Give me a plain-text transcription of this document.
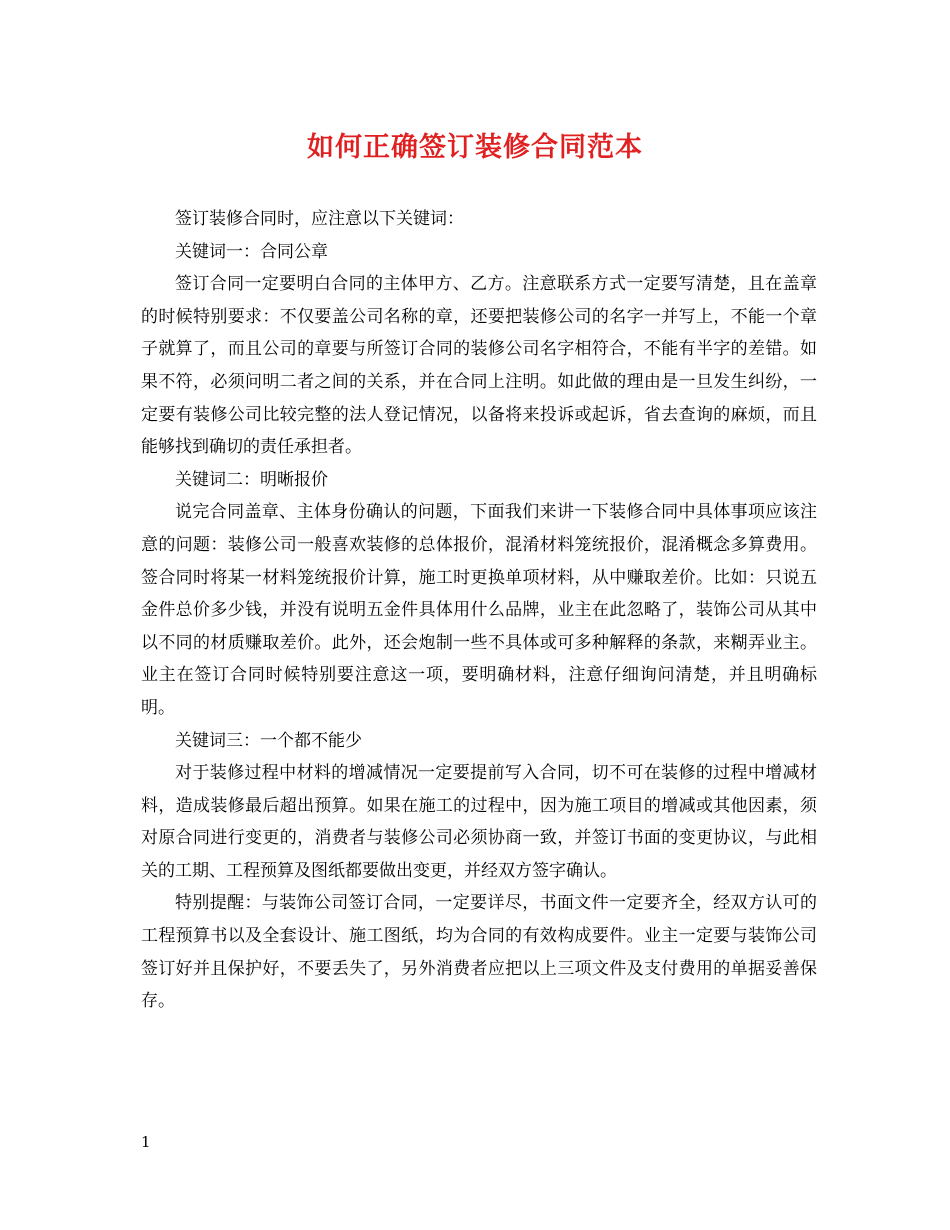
如何正确签订装修合同范本

签订装修合同时，应注意以下关键词：

关键词一：合同公章

签订合同一定要明白合同的主体甲方、乙方。注意联系方式一定要写清楚，且在盖章的时候特别要求：不仅要盖公司名称的章，还要把装修公司的名字一并写上，不能一个章子就算了，而且公司的章要与所签订合同的装修公司名字相符合，不能有半字的差错。如果不符，必须问明二者之间的关系，并在合同上注明。如此做的理由是一旦发生纠纷，一定要有装修公司比较完整的法人登记情况，以备将来投诉或起诉，省去查询的麻烦，而且能够找到确切的责任承担者。

关键词二：明晰报价

说完合同盖章、主体身份确认的问题，下面我们来讲一下装修合同中具体事项应该注意的问题：装修公司一般喜欢装修的总体报价，混淆材料笼统报价，混淆概念多算费用。签合同时将某一材料笼统报价计算，施工时更换单项材料，从中赚取差价。比如：只说五金件总价多少钱，并没有说明五金件具体用什么品牌，业主在此忽略了，装饰公司从其中以不同的材质赚取差价。此外，还会炮制一些不具体或可多种解释的条款，来糊弄业主。业主在签订合同时候特别要注意这一项，要明确材料，注意仔细询问清楚，并且明确标明。

关键词三：一个都不能少

对于装修过程中材料的增减情况一定要提前写入合同，切不可在装修的过程中增减材料，造成装修最后超出预算。如果在施工的过程中，因为施工项目的增减或其他因素，须对原合同进行变更的，消费者与装修公司必须协商一致，并签订书面的变更协议，与此相关的工期、工程预算及图纸都要做出变更，并经双方签字确认。

特别提醒：与装饰公司签订合同，一定要详尽，书面文件一定要齐全，经双方认可的工程预算书以及全套设计、施工图纸，均为合同的有效构成要件。业主一定要与装饰公司签订好并且保护好，不要丢失了，另外消费者应把以上三项文件及支付费用的单据妥善保存。

1
